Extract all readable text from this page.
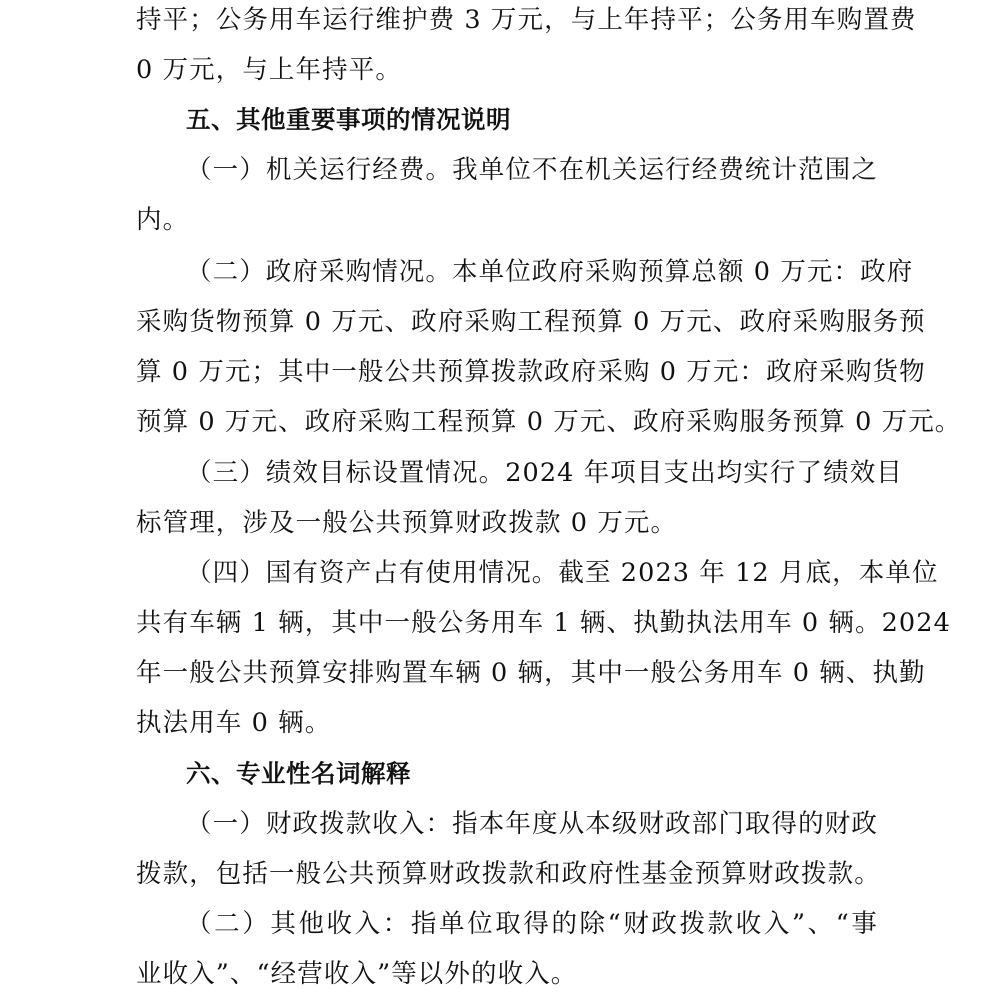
持平；公务用车运行维护费 3 万元，与上年持平；公务用车购置费
0 万元，与上年持平。
五、其他重要事项的情况说明
（一）机关运行经费。我单位不在机关运行经费统计范围之
内。
（二）政府采购情况。本单位政府采购预算总额 0 万元：政府
采购货物预算 0 万元、政府采购工程预算 0 万元、政府采购服务预
算 0 万元；其中一般公共预算拨款政府采购 0 万元：政府采购货物
预算 0 万元、政府采购工程预算 0 万元、政府采购服务预算 0 万元。
（三）绩效目标设置情况。2024 年项目支出均实行了绩效目
标管理，涉及一般公共预算财政拨款 0 万元。
（四）国有资产占有使用情况。截至 2023 年 12 月底，本单位
共有车辆 1 辆，其中一般公务用车 1 辆、执勤执法用车 0 辆。2024
年一般公共预算安排购置车辆 0 辆，其中一般公务用车 0 辆、执勤
执法用车 0 辆。
六、专业性名词解释
（一）财政拨款收入：指本年度从本级财政部门取得的财政
拨款，包括一般公共预算财政拨款和政府性基金预算财政拨款。
（二）其他收入：指单位取得的除“财政拨款收入”、“事
业收入”、“经营收入”等以外的收入。
